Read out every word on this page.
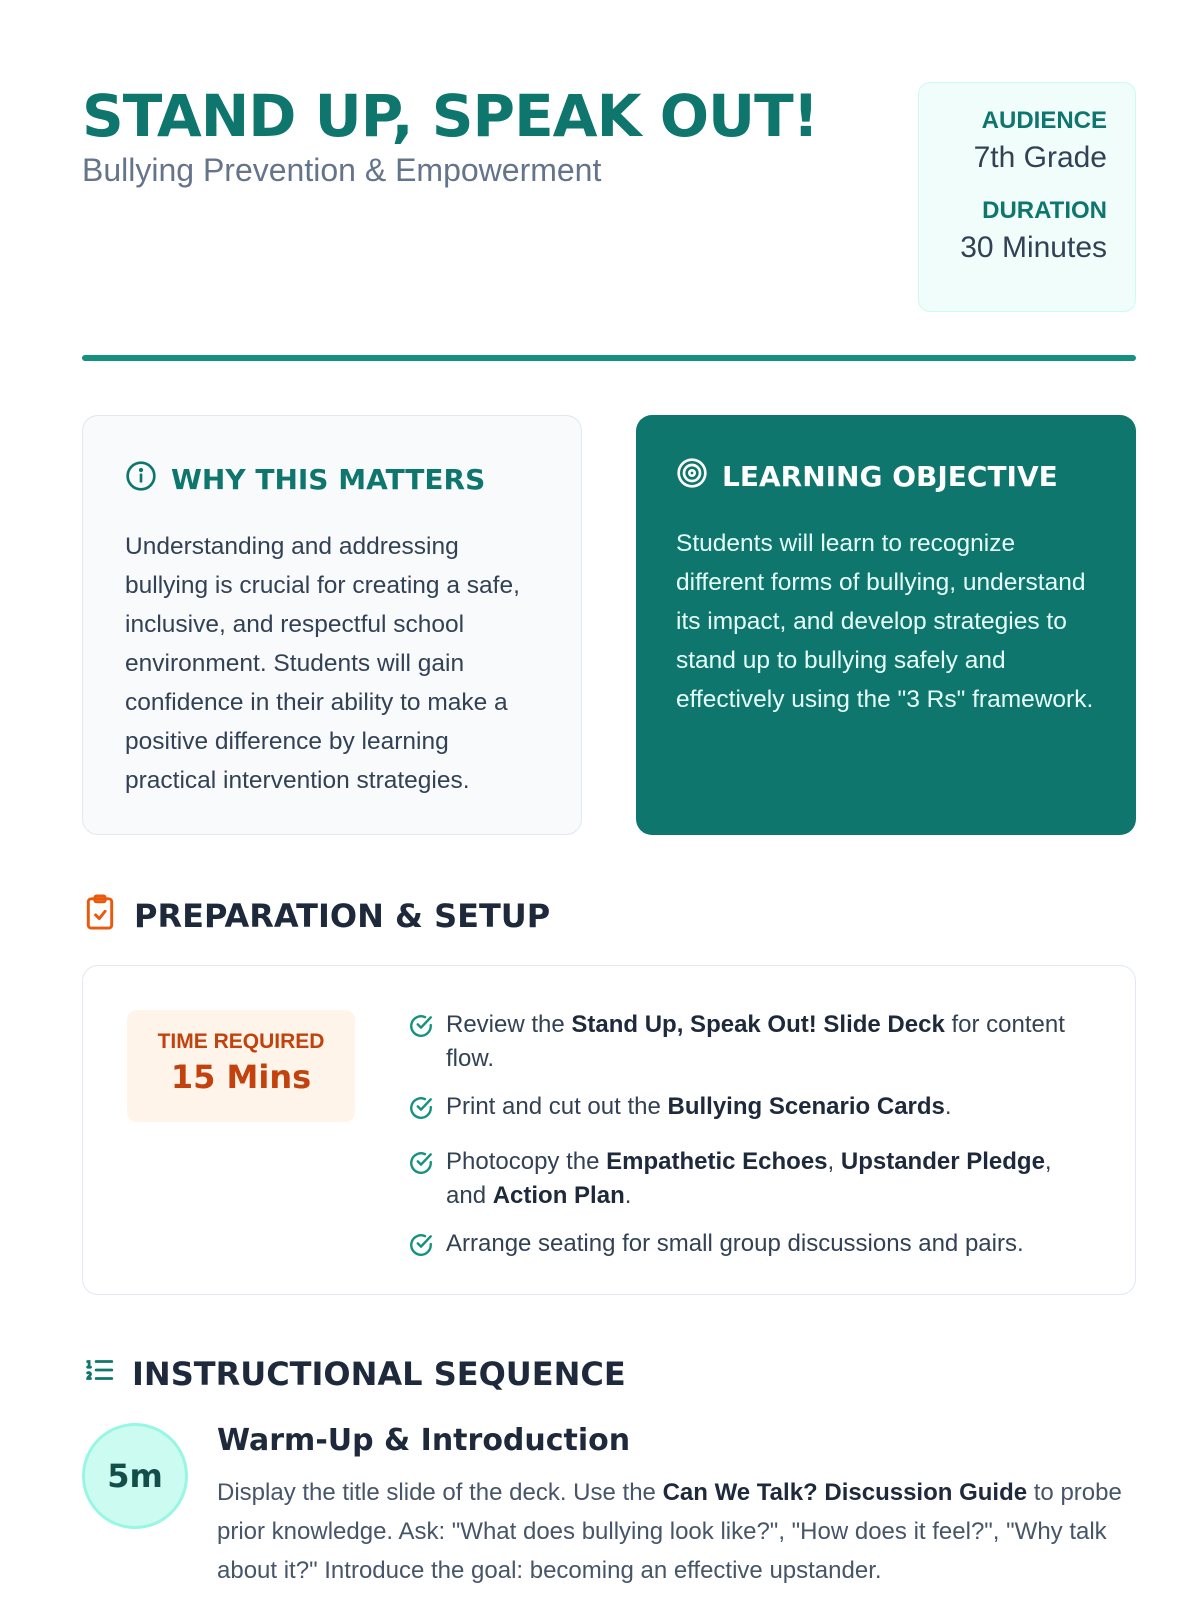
STAND UP, SPEAK OUT!
Bullying Prevention & Empowerment
AUDIENCE
7th Grade
DURATION
30 Minutes
WHY THIS MATTERS

Understanding and addressing bullying is crucial for creating a safe, inclusive, and respectful school environment. Students will gain confidence in their ability to make a positive difference by learning practical intervention strategies.

LEARNING OBJECTIVE

Students will learn to recognize different forms of bullying, understand its impact, and develop strategies to stand up to bullying safely and effectively using the "3 Rs" framework.

PREPARATION & SETUP
TIME REQUIRED
15 Mins
Review the Stand Up, Speak Out! Slide Deck for content flow.
Print and cut out the Bullying Scenario Cards.
Photocopy the Empathetic Echoes, Upstander Pledge, and Action Plan.
Arrange seating for small group discussions and pairs.
INSTRUCTIONAL SEQUENCE
5m
Warm-Up & Introduction

Display the title slide of the deck. Use the Can We Talk? Discussion Guide to probe prior knowledge. Ask: "What does bullying look like?", "How does it feel?", "Why talk about it?" Introduce the goal: becoming an effective upstander.
